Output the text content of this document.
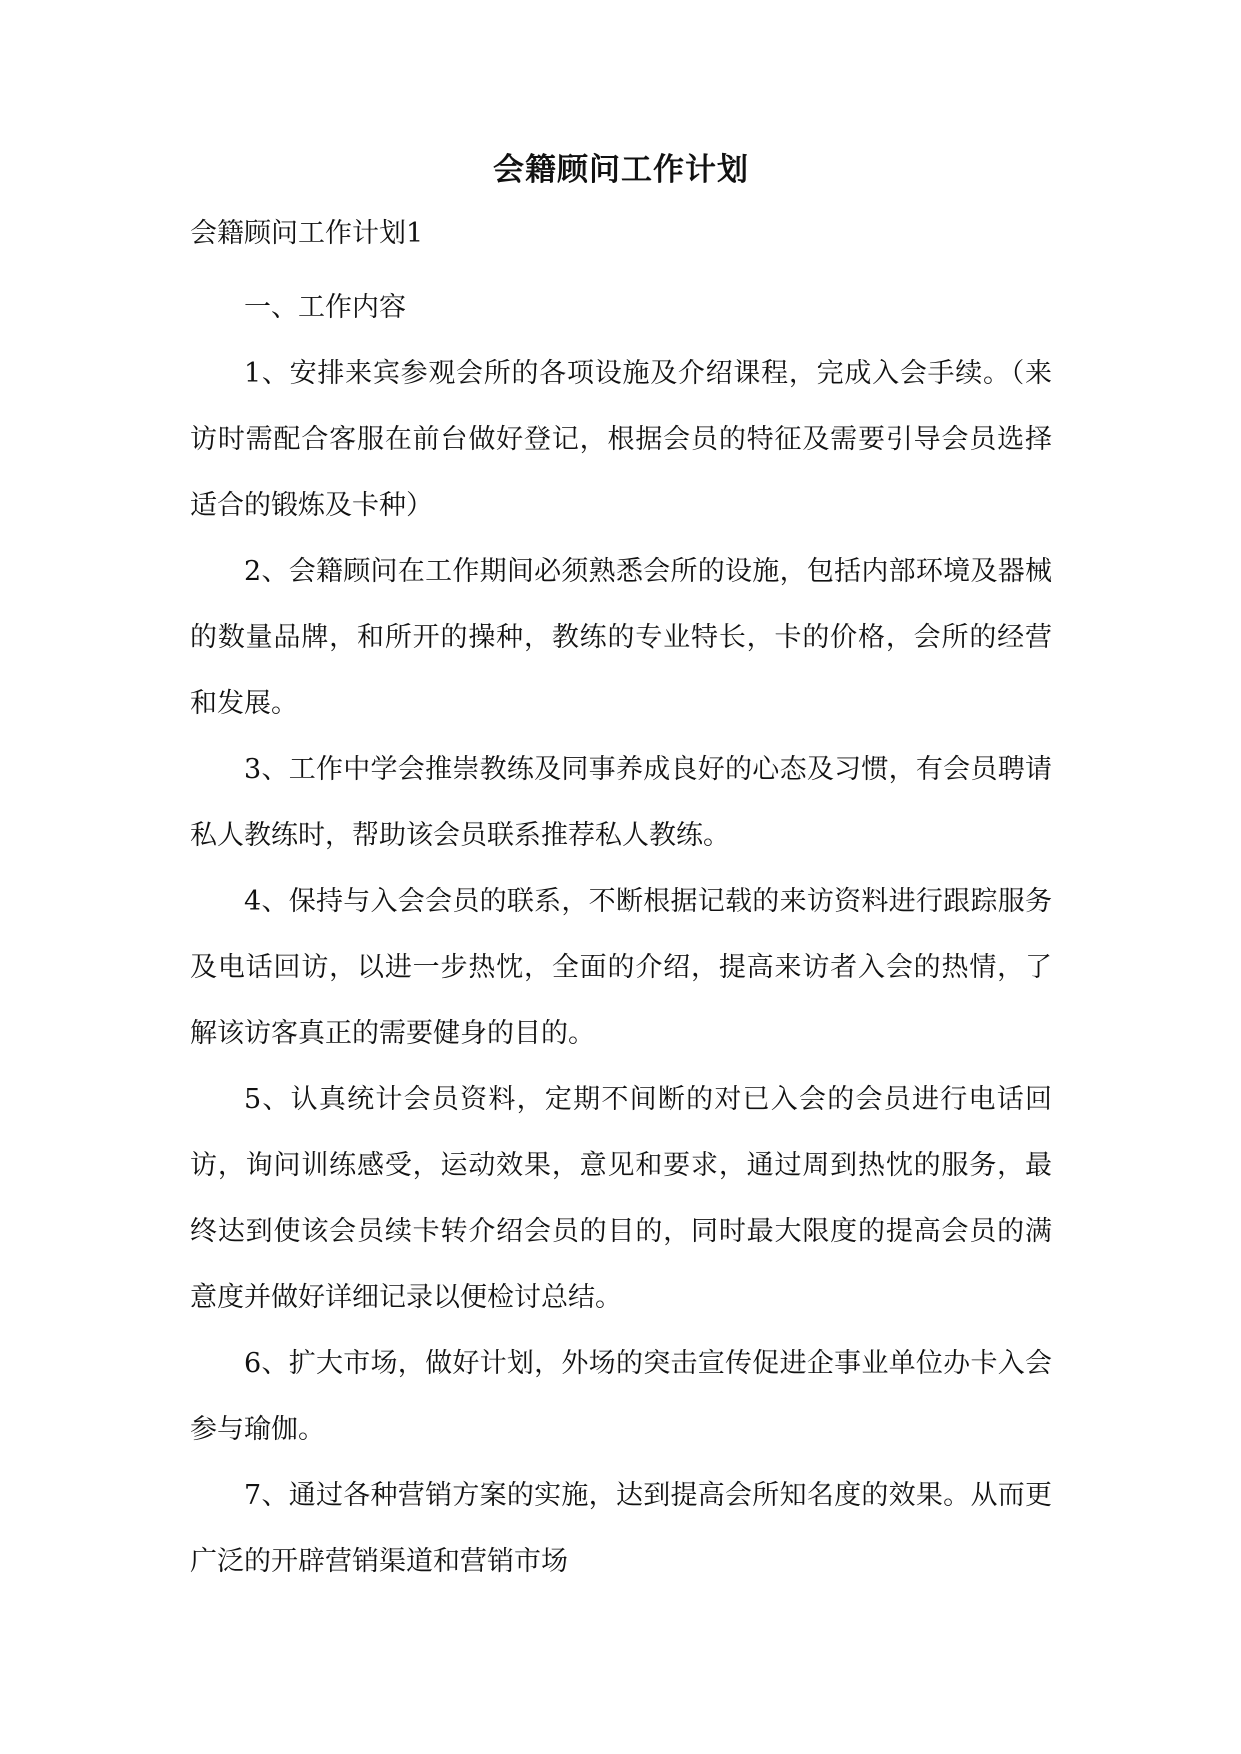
会籍顾问工作计划
会籍顾问工作计划1

一、工作内容

1、安排来宾参观会所的各项设施及介绍课程，完成入会手续。（来访时需配合客服在前台做好登记，根据会员的特征及需要引导会员选择适合的锻炼及卡种）

2、会籍顾问在工作期间必须熟悉会所的设施，包括内部环境及器械的数量品牌，和所开的操种，教练的专业特长，卡的价格，会所的经营和发展。

3、工作中学会推崇教练及同事养成良好的心态及习惯，有会员聘请私人教练时，帮助该会员联系推荐私人教练。

4、保持与入会会员的联系，不断根据记载的来访资料进行跟踪服务及电话回访，以进一步热忱，全面的介绍，提高来访者入会的热情，了解该访客真正的需要健身的目的。

5、认真统计会员资料，定期不间断的对已入会的会员进行电话回访，询问训练感受，运动效果，意见和要求，通过周到热忱的服务，最终达到使该会员续卡转介绍会员的目的，同时最大限度的提高会员的满意度并做好详细记录以便检讨总结。

6、扩大市场，做好计划，外场的突击宣传促进企事业单位办卡入会参与瑜伽。

7、通过各种营销方案的实施，达到提高会所知名度的效果。从而更广泛的开辟营销渠道和营销市场
